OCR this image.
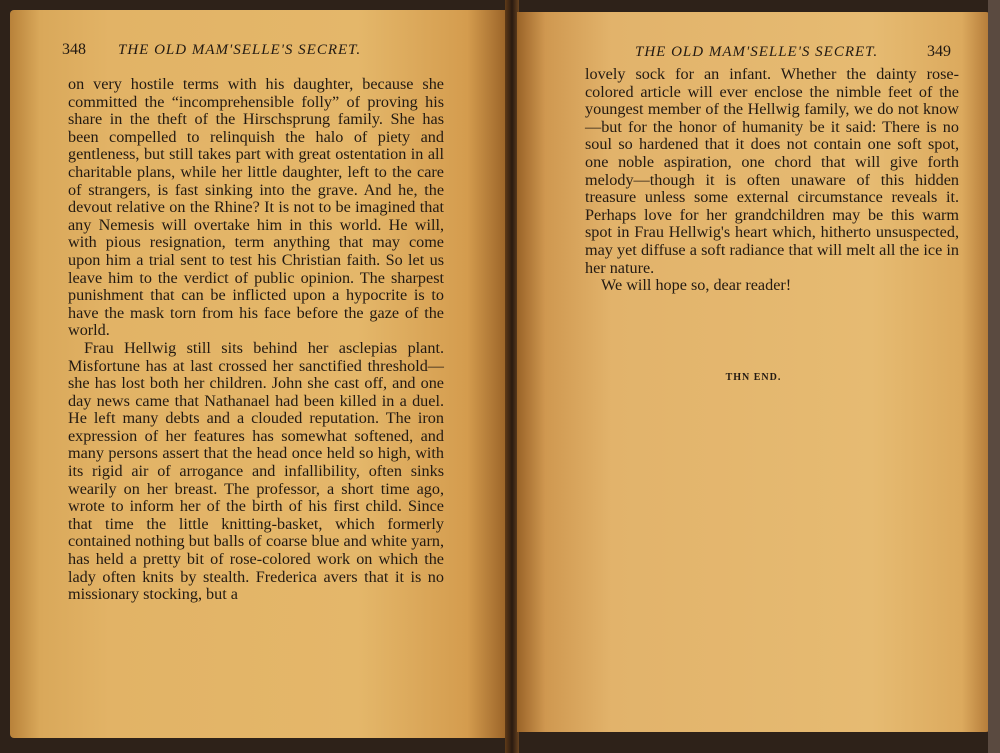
348 THE OLD MAM'SELLE'S SECRET.

on very hostile terms with his daughter, because she committed the “incomprehensible folly” of proving his share in the theft of the Hirschsprung family. She has been compelled to relinquish the halo of piety and gentleness, but still takes part with great ostentation in all charitable plans, while her little daughter, left to the care of strangers, is fast sinking into the grave. And he, the devout relative on the Rhine? It is not to be imagined that any Nemesis will overtake him in this world. He will, with pious resignation, term anything that may come upon him a trial sent to test his Christian faith. So let us leave him to the verdict of public opinion. The sharpest punishment that can be inflicted upon a hypocrite is to have the mask torn from his face before the gaze of the world.

Frau Hellwig still sits behind her asclepias plant. Misfortune has at last crossed her sanctified threshold—she has lost both her children. John she cast off, and one day news came that Nathanael had been killed in a duel. He left many debts and a clouded reputation. The iron expression of her features has somewhat softened, and many persons assert that the head once held so high, with its rigid air of arrogance and infallibility, often sinks wearily on her breast. The professor, a short time ago, wrote to inform her of the birth of his first child. Since that time the little knitting-basket, which formerly contained nothing but balls of coarse blue and white yarn, has held a pretty bit of rose-colored work on which the lady often knits by stealth. Frederica avers that it is no missionary stocking, but a

THE OLD MAM'SELLE'S SECRET.	349

lovely sock for an infant. Whether the dainty rose-colored article will ever enclose the nimble feet of the youngest member of the Hellwig family, we do not know—but for the honor of humanity be it said: There is no soul so hardened that it does not contain one soft spot, one noble aspiration, one chord that will give forth melody—though it is often unaware of this hidden treasure unless some external circumstance reveals it. Perhaps love for her grandchildren may be this warm spot in Frau Hellwig's heart which, hitherto unsuspected, may yet diffuse a soft radiance that will melt all the ice in her nature.

We will hope so, dear reader!

THN END.
